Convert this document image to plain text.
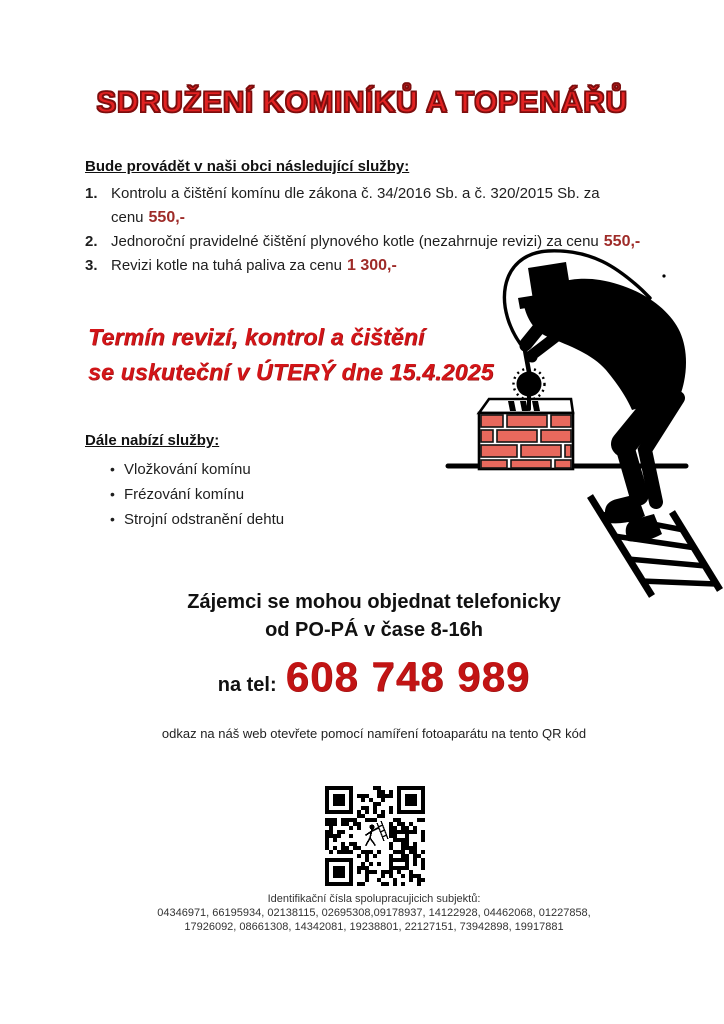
SDRUŽENÍ KOMINÍKŮ A TOPENÁŘŮ
Bude provádět v naši obci následující služby:
1. Kontrolu a čištění komínu dle zákona č. 34/2016 Sb. a č. 320/2015 Sb. za cenu 550,-
2. Jednoroční pravidelné čištění plynového kotle (nezahrnuje revizi) za cenu 550,-
3. Revizi kotle na tuhá paliva za cenu 1 300,-
Termín revizí, kontrol a čištění
se uskuteční v ÚTERÝ dne 15.4.2025
Dále nabízí služby:
• Vložkování komínu
• Frézování komínu
• Strojní odstranění dehtu
Zájemci se mohou objednat telefonicky
od PO-PÁ v čase 8-16h
na tel: 608 748 989
odkaz na náš web otevřete pomocí namíření fotoaparátu na tento QR kód
Identifikační čísla spolupracujicich subjektů:
04346971, 66195934, 02138115, 02695308,09178937, 14122928, 04462068, 01227858,
17926092, 08661308, 14342081, 19238801, 22127151, 73942898, 19917881
